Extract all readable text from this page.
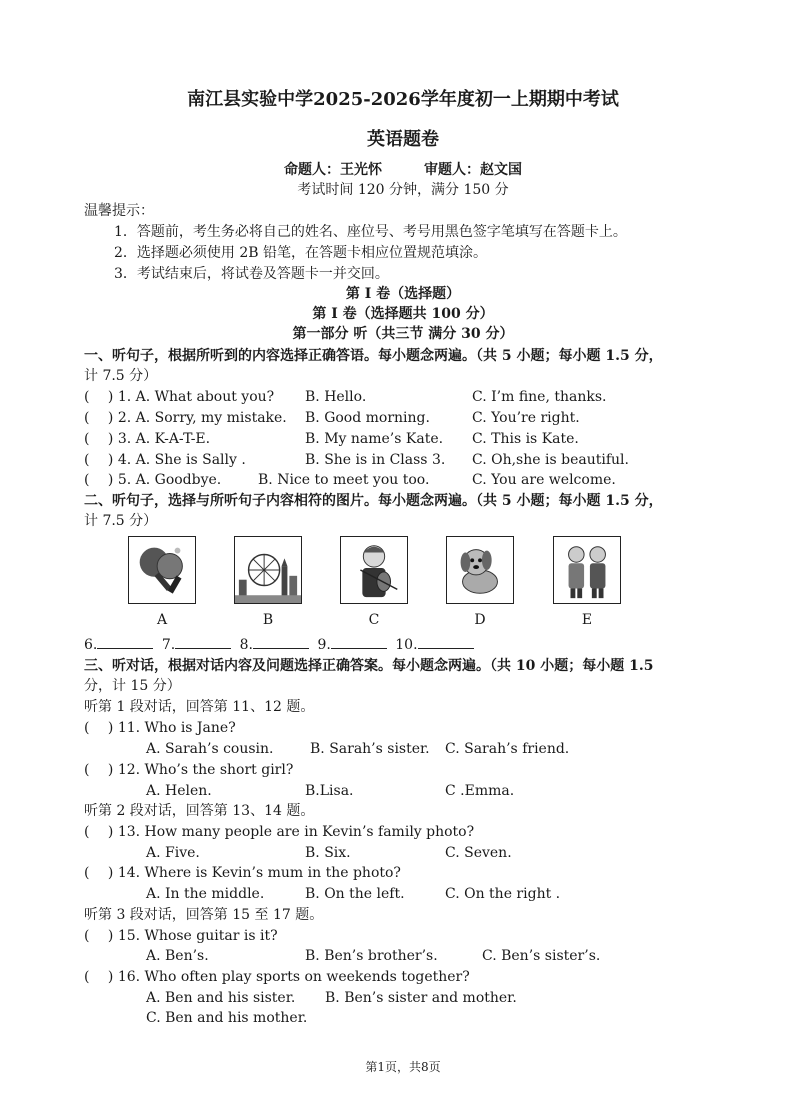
南江县实验中学2025-2026学年度初一上期期中考试
英语题卷
命题人：王光怀　　　审题人：赵文国
考试时间 120 分钟，满分 150 分
温馨提示：
1．答题前，考生务必将自己的姓名、座位号、考号用黑色签字笔填写在答题卡上。
2．选择题必须使用 2B 铅笔，在答题卡相应位置规范填涂。
3．考试结束后，将试卷及答题卡一并交回。
第 I 卷（选择题）
第 I 卷（选择题共 100 分）
第一部分 听（共三节 满分 30 分）
一、听句子，根据所听到的内容选择正确答语。每小题念两遍。（共 5 小题；每小题 1.5 分，
计 7.5 分）
(　 ) 1. A. What about you? B. Hello.	C. I’m fine, thanks.
(　 ) 2. A. Sorry, my mistake. B. Good morning.	C. You’re right.
(　 ) 3. A. K-A-T-E.	B. My name’s Kate. C. This is Kate.
(　 ) 4. A. She is Sally .	B. She is in Class 3. C. Oh,she is beautiful.
(　 ) 5. A. Goodbye.	B. Nice to meet you too.	C. You are welcome.
二、听句子，选择与所听句子内容相符的图片。每小题念两遍。（共 5 小题；每小题 1.5 分，
计 7.5 分）
A	B	C	D	E
6.	7.	8.	9.	10.
三、听对话，根据对话内容及问题选择正确答案。每小题念两遍。（共 10 小题；每小题 1.5
分，计 15 分）
听第 1 段对话，回答第 11、12 题。
(　 ) 11. Who is Jane?
A. Sarah’s cousin.	B. Sarah’s sister. C. Sarah’s friend.
(　 ) 12. Who’s the short girl?
A. Helen.	B.Lisa.	C .Emma.
听第 2 段对话，回答第 13、14 题。
(　 ) 13. How many people are in Kevin’s family photo?
A. Five.	B. Six.	C. Seven.
(　 ) 14. Where is Kevin’s mum in the photo?
A. In the middle.	B. On the left.	C. On the right .
听第 3 段对话，回答第 15 至 17 题。
(　 ) 15. Whose guitar is it?
A. Ben’s.	B. Ben’s brother’s.	C. Ben’s sister’s.
(　 ) 16. Who often play sports on weekends together?
A. Ben and his sister. B. Ben’s sister and mother.
C. Ben and his mother.
第1页，共8页
